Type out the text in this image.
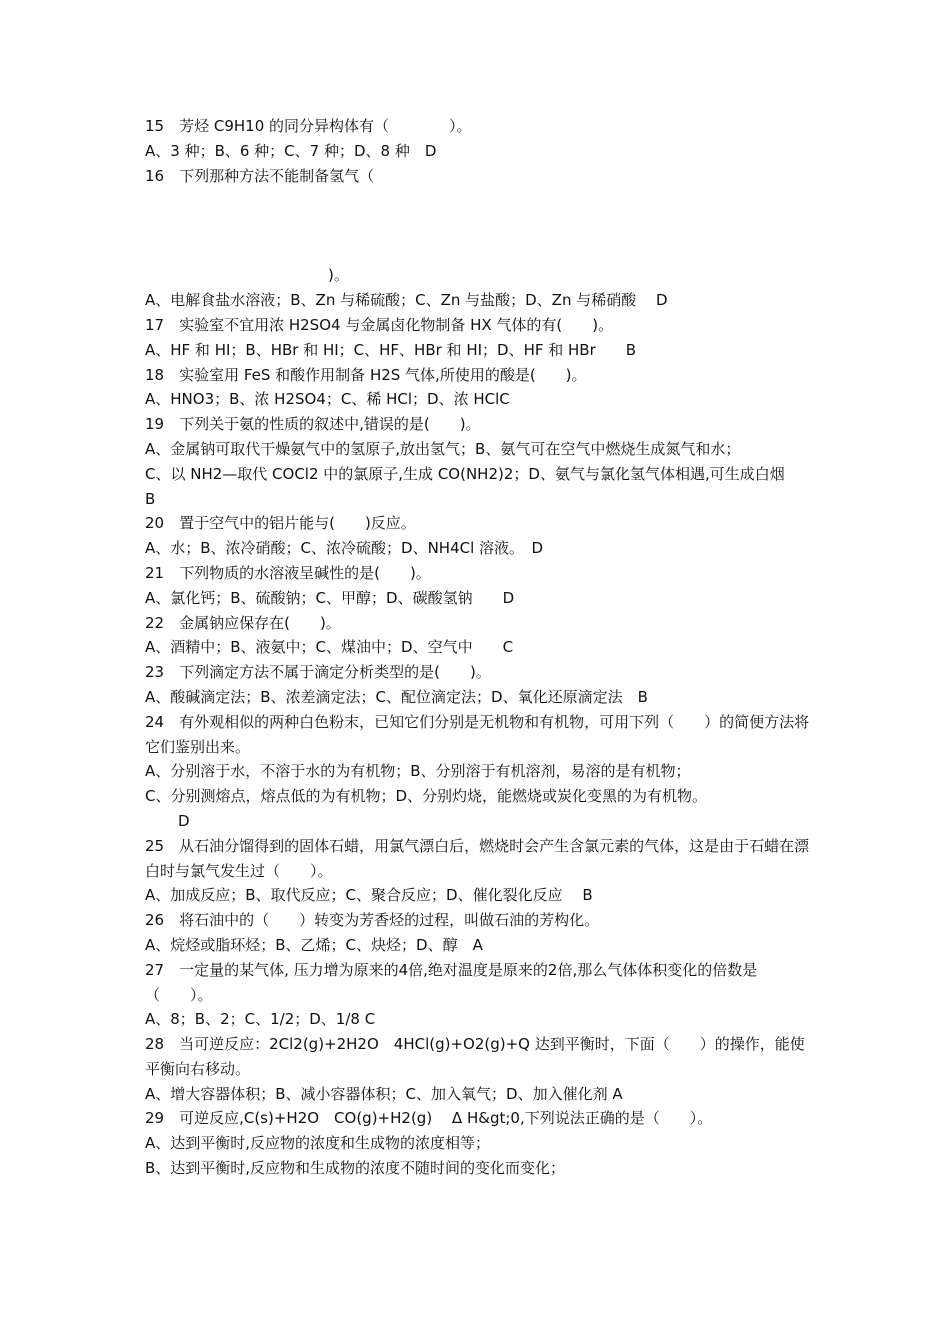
15　芳烃 C9H10 的同分异构体有（　　　　）。

A、3 种；B、6 种；C、7 种；D、8 种　D

16　下列那种方法不能制备氢气（

)。

A、电解食盐水溶液；B、Zn 与稀硫酸；C、Zn 与盐酸；D、Zn 与稀硝酸　 D

17　实验室不宜用浓 H2SO4 与金属卤化物制备 HX 气体的有(　　)。

A、HF 和 HI；B、HBr 和 HI；C、HF、HBr 和 HI；D、HF 和 HBr　　B

18　实验室用 FeS 和酸作用制备 H2S 气体,所使用的酸是(　　)。

A、HNO3；B、浓 H2SO4；C、稀 HCl；D、浓 HClC

19　下列关于氨的性质的叙述中,错误的是(　　)。

A、金属钠可取代干燥氨气中的氢原子,放出氢气；B、氨气可在空气中燃烧生成氮气和水；

C、以 NH2—取代 COCl2 中的氯原子,生成 CO(NH2)2；D、氨气与氯化氢气体相遇,可生成白烟　　B

20　置于空气中的铝片能与(　　)反应。

A、水；B、浓冷硝酸；C、浓冷硫酸；D、NH4Cl 溶液。　D

21　下列物质的水溶液呈碱性的是(　　)。

A、氯化钙；B、硫酸钠；C、甲醇；D、碳酸氢钠　　D

22　金属钠应保存在(　　)。

A、酒精中；B、液氨中；C、煤油中；D、空气中　　C

23　下列滴定方法不属于滴定分析类型的是(　　)。

A、酸碱滴定法；B、浓差滴定法；C、配位滴定法；D、氧化还原滴定法　B

24　有外观相似的两种白色粉末，已知它们分别是无机物和有机物，可用下列（　　）的简便方法将它们鉴别出来。

A、分别溶于水，不溶于水的为有机物；B、分别溶于有机溶剂，易溶的是有机物；

C、分别测熔点，熔点低的为有机物；D、分别灼烧，能燃烧或炭化变黑的为有机物。

D

25　从石油分馏得到的固体石蜡，用氯气漂白后，燃烧时会产生含氯元素的气体，这是由于石蜡在漂白时与氯气发生过（　　）。

A、加成反应；B、取代反应；C、聚合反应；D、催化裂化反应　 B

26　将石油中的（　　）转变为芳香烃的过程，叫做石油的芳构化。

A、烷烃或脂环烃；B、乙烯；C、炔烃；D、醇　A

27　一定量的某气体, 压力增为原来的4倍,绝对温度是原来的2倍,那么气体体积变化的倍数是（　　）。

A、8；B、2；C、1/2；D、1/8 C

28　当可逆反应：2Cl2(g)+2H2O　4HCl(g)+O2(g)+Q 达到平衡时，下面（　　）的操作，能使平衡向右移动。

A、增大容器体积；B、减小容器体积；C、加入氧气；D、加入催化剂 A

29　可逆反应,C(s)+H2O　CO(g)+H2(g)　 Δ H&gt;0,下列说法正确的是（　　）。

A、达到平衡时,反应物的浓度和生成物的浓度相等；

B、达到平衡时,反应物和生成物的浓度不随时间的变化而变化；
